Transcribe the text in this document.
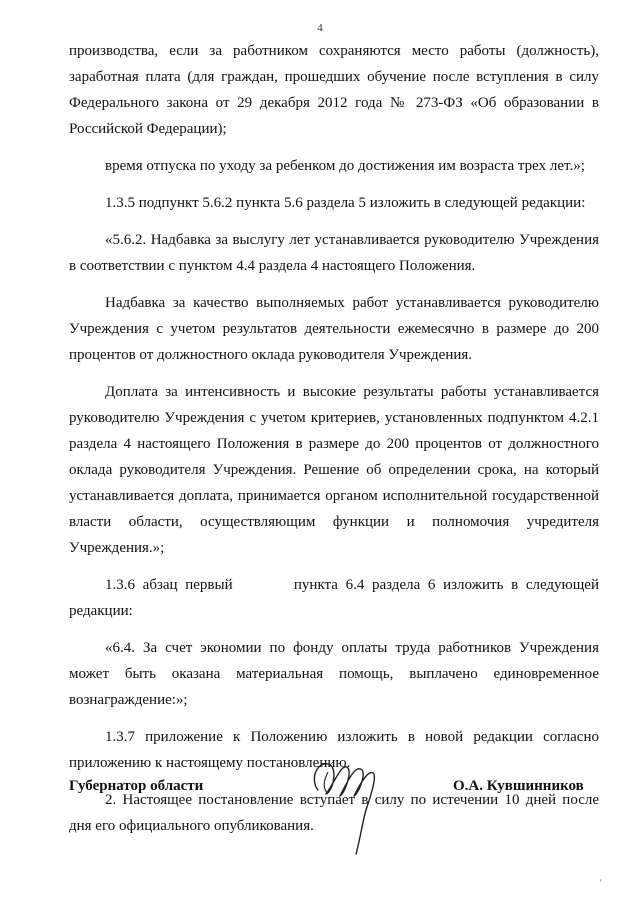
4

производства, если за работником сохраняются место работы (должность), заработная плата (для граждан, прошедших обучение после вступления в силу Федерального закона от 29 декабря 2012 года № 273-ФЗ «Об образовании в Российской Федерации);

время отпуска по уходу за ребенком до достижения им возраста трех лет.»;

1.3.5 подпункт 5.6.2 пункта 5.6 раздела 5 изложить в следующей редакции:

«5.6.2. Надбавка за выслугу лет устанавливается руководителю Учреждения в соответствии с пунктом 4.4 раздела 4 настоящего Положения.

Надбавка за качество выполняемых работ устанавливается руководителю Учреждения с учетом результатов деятельности ежемесячно в размере до 200 процентов от должностного оклада руководителя Учреждения.

Доплата за интенсивность и высокие результаты работы устанавливается руководителю Учреждения с учетом критериев, установленных подпунктом 4.2.1 раздела 4 настоящего Положения в размере до 200 процентов от должностного оклада руководителя Учреждения. Решение об определении срока, на который устанавливается доплата, принимается органом исполнительной государственной власти области, осуществляющим функции и полномочия учредителя Учреждения.»;

1.3.6 абзац первый        пункта 6.4 раздела 6 изложить в следующей редакции:

«6.4. За счет экономии по фонду оплаты труда работников Учреждения может быть оказана материальная помощь, выплачено единовременное вознаграждение:»;

1.3.7 приложение к Положению изложить в новой редакции согласно приложению к настоящему постановлению.

2. Настоящее постановление вступает в силу по истечении 10 дней после дня его официального опубликования.

Губернатор области	О.А. Кувшинников
'
